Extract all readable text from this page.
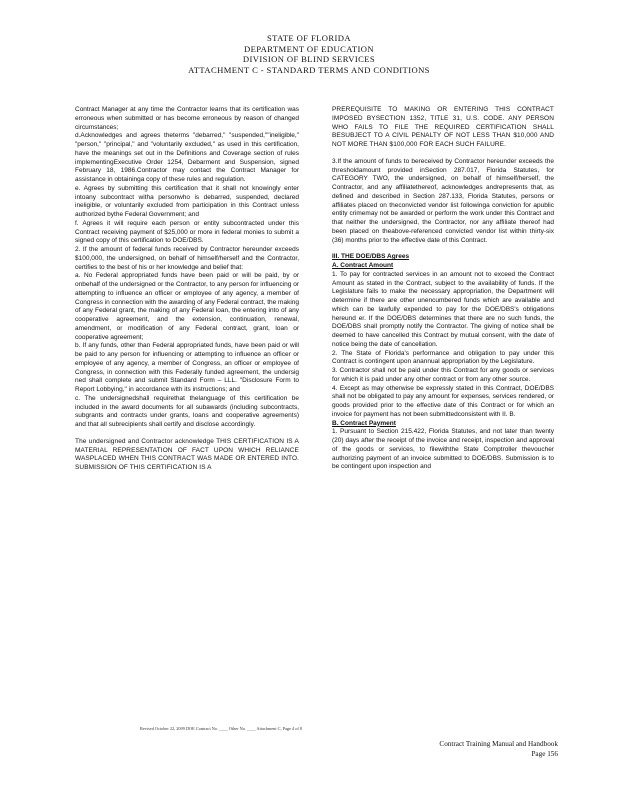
STATE OF FLORIDA
DEPARTMENT OF EDUCATION
DIVISION OF BLIND SERVICES
ATTACHMENT C - STANDARD TERMS AND CONDITIONS

Contract Manager at any time the Contractor learns that its certification was erroneous when submitted or has become erroneous by reason of changed circumstances;

d.Acknowledges and agrees theterms "debarred," "suspended,""ineligible," "person," "principal," and "voluntarily excluded," as used in this certification, have the meanings set out in the Definitions and Coverage section of rules implementingExecutive Order 1254, Debarment and Suspension, signed February 18, 1986.Contractor may contact the Contract Manager for assistance in obtaininga copy of these rules and regulation.

e. Agrees by submitting this certification that it shall not knowingly enter intoany subcontract witha personwho is debarred, suspended, declared ineligible, or voluntarily excluded from participation in this Contract unless authorized bythe Federal Government; and

f. Agrees it will require each person or entity subcontracted under this Contract receiving payment of $25,000 or more in federal monies to submit a signed copy of this certification to DOE/DBS.

2. If the amount of federal funds received by Contractor hereunder exceeds $100,000, the undersigned, on behalf of himself/herself and the Contractor, certifies to the best of his or her knowledge and belief that:

a. No Federal appropriated funds have been paid or will be paid, by or onbehalf of the undersigned or the Contractor, to any person for influencing or attempting to influence an officer or employee of any agency, a member of Congress in connection with the awarding of any Federal contract, the making of any Federal grant, the making of any Federal loan, the entering into of any cooperative agreement, and the extension, continuation, renewal, amendment, or modification of any Federal contract, grant, loan or cooperative agreement;

b. If any funds, other than Federal appropriated funds, have been paid or will be paid to any person for influencing or attempting to influence an officer or employee of any agency, a member of Congress, an officer or employee of Congress, in connection with this Federally funded agreement, the undersig ned shall complete and submit Standard Form – LLL. "Disclosure Form to Report Lobbying," in accordance with its instructions; and

c. The undersignedshall requirethat thelanguage of this certification be included in the award documents for all subawards (including subcontracts, subgrants and contracts under grants, loans and cooperative agreements) and that all subrecipients shall certify and disclose accordingly.

The undersigned and Contractor acknowledge THIS CERTIFICATION IS A MATERIAL REPRESENTATION OF FACT UPON WHICH RELIANCE WASPLACED WHEN THIS CONTRACT WAS MADE OR ENTERED INTO. SUBMISSION OF THIS CERTIFICATION IS A

PREREQUISITE TO MAKING OR ENTERING THIS CONTRACT IMPOSED BYSECTION 1352, TITLE 31, U.S. CODE. ANY PERSON WHO FAILS TO FILE THE REQUIRED CERTIFICATION SHALL BESUBJECT TO A CIVIL PENALTY OF NOT LESS THAN $10,000 AND NOT MORE THAN $100,000 FOR EACH SUCH FAILURE.

3.If the amount of funds to bereceived by Contractor hereunder exceeds the thresholdamount provided inSection 287.017, Florida Statutes, for CATEGORY TWO, the undersigned, on behalf of himself/herself, the Contractor, and any affiliatethereof, acknowledges andrepresents that, as defined and described in Section 287.133, Florida Statutes, persons or affiliates placed on theconvicted vendor list followinga conviction for apublic entity crimemay not be awarded or perform the work under this Contract and that neither the undersigned, the Contractor, nor any affiliate thereof had been placed on theabove-referenced convicted vendor list within thirty-six (36) months prior to the effective date of this Contract.

III. THE DOE/DBS Agrees

A. Contract Amount

1. To pay for contracted services in an amount not to exceed the Contract Amount as stated in the Contract, subject to the availability of funds. If the Legislature fails to make the necessary appropriation, the Department will determine if there are other unencumbered funds which are available and which can be lawfully expended to pay for the DOE/DBS's obligations hereund er. If the DOE/DBS determines that there are no such funds, the DOE/DBS shall promptly notify the Contractor. The giving of notice shall be deemed to have cancelled this Contract by mutual consent, with the date of notice being the date of cancellation.

2. The State of Florida's performance and obligation to pay under this Contract is contingent upon anannual appropriation by the Legislature.

3. Contractor shall not be paid under this Contract for any goods or services for which it is paid under any other contract or from any other source.

4. Except as may otherwise be expressly stated in this Contract, DOE/DBS shall not be obligated to pay any amount for expenses, services rendered, or goods provided prior to the effective date of this Contract or for which an invoice for payment has not been submittedconsistent with II. B.

B. Contract Payment

1. Pursuant to Section 215.422, Florida Statutes, and not later than twenty (20) days after the receipt of the invoice and receipt, inspection and approval of the goods or services, to filewiththe State Comptroller thevoucher authorizing payment of an invoice submitted to DOE/DBS. Submission is to be contingent upon inspection and

Revised October 22, 2009 DOE Contract No. ____ Other No. ____ Attachment C, Page 4 of 8
Contract Training Manual and Handbook
Page 156
